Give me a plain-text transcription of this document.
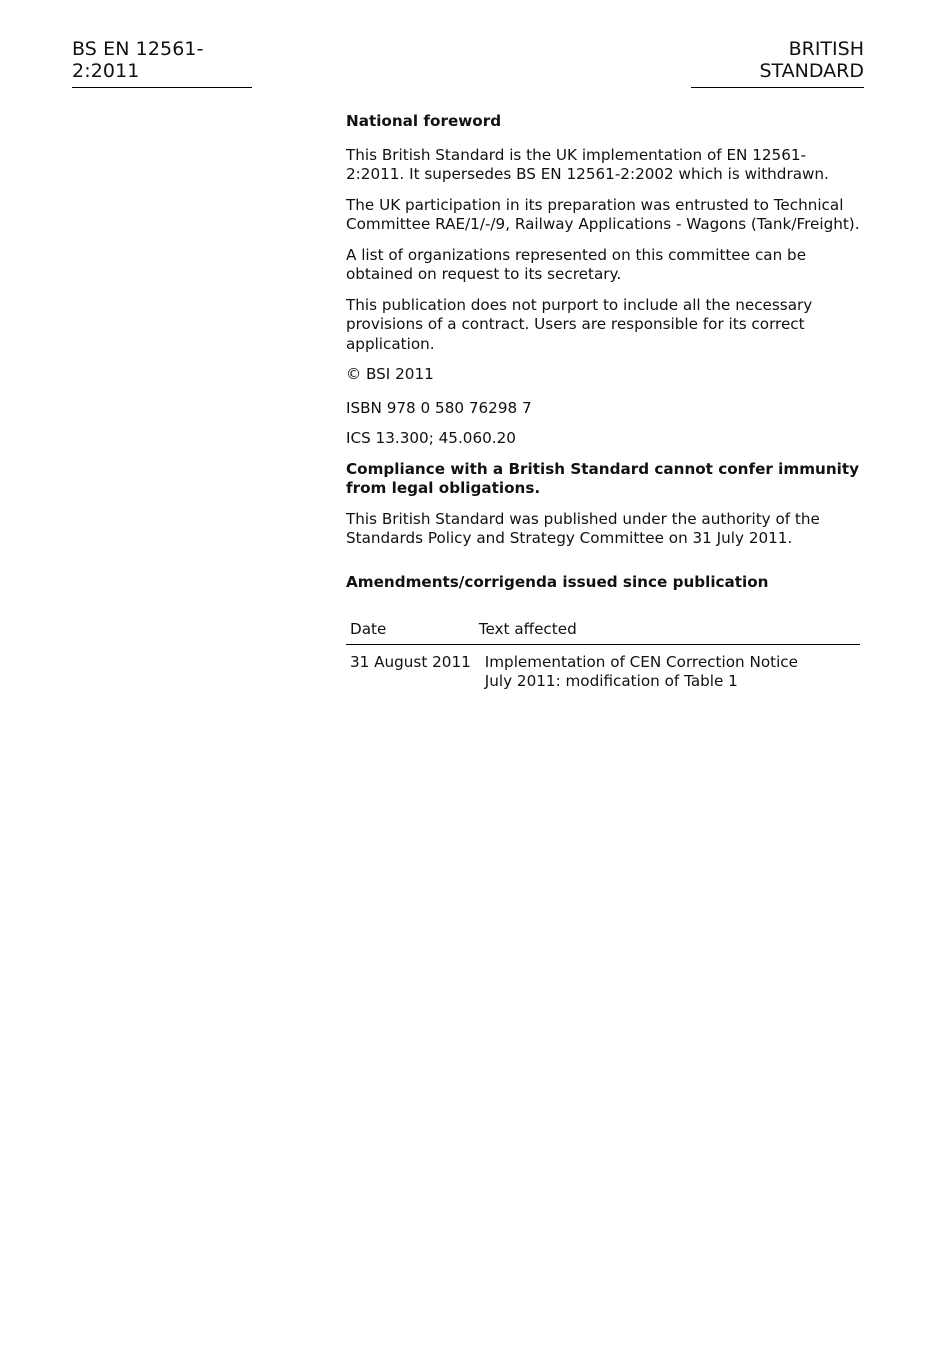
BS EN 12561-2:2011
BRITISH STANDARD

National foreword

This British Standard is the UK implementation of EN 12561-2:2011. It supersedes BS EN 12561-2:2002 which is withdrawn.

The UK participation in its preparation was entrusted to Technical Committee RAE/1/-/9, Railway Applications - Wagons (Tank/Freight).

A list of organizations represented on this committee can be obtained on request to its secretary.

This publication does not purport to include all the necessary provisions of a contract. Users are responsible for its correct application.

© BSI 2011

ISBN 978 0 580 76298 7

ICS 13.300; 45.060.20

Compliance with a British Standard cannot confer immunity from legal obligations.

This British Standard was published under the authority of the Standards Policy and Strategy Committee on 31 July 2011.

Amendments/corrigenda issued since publication

Date	Text affected
31 August 2011	Implementation of CEN Correction Notice
July 2011: modification of Table 1
